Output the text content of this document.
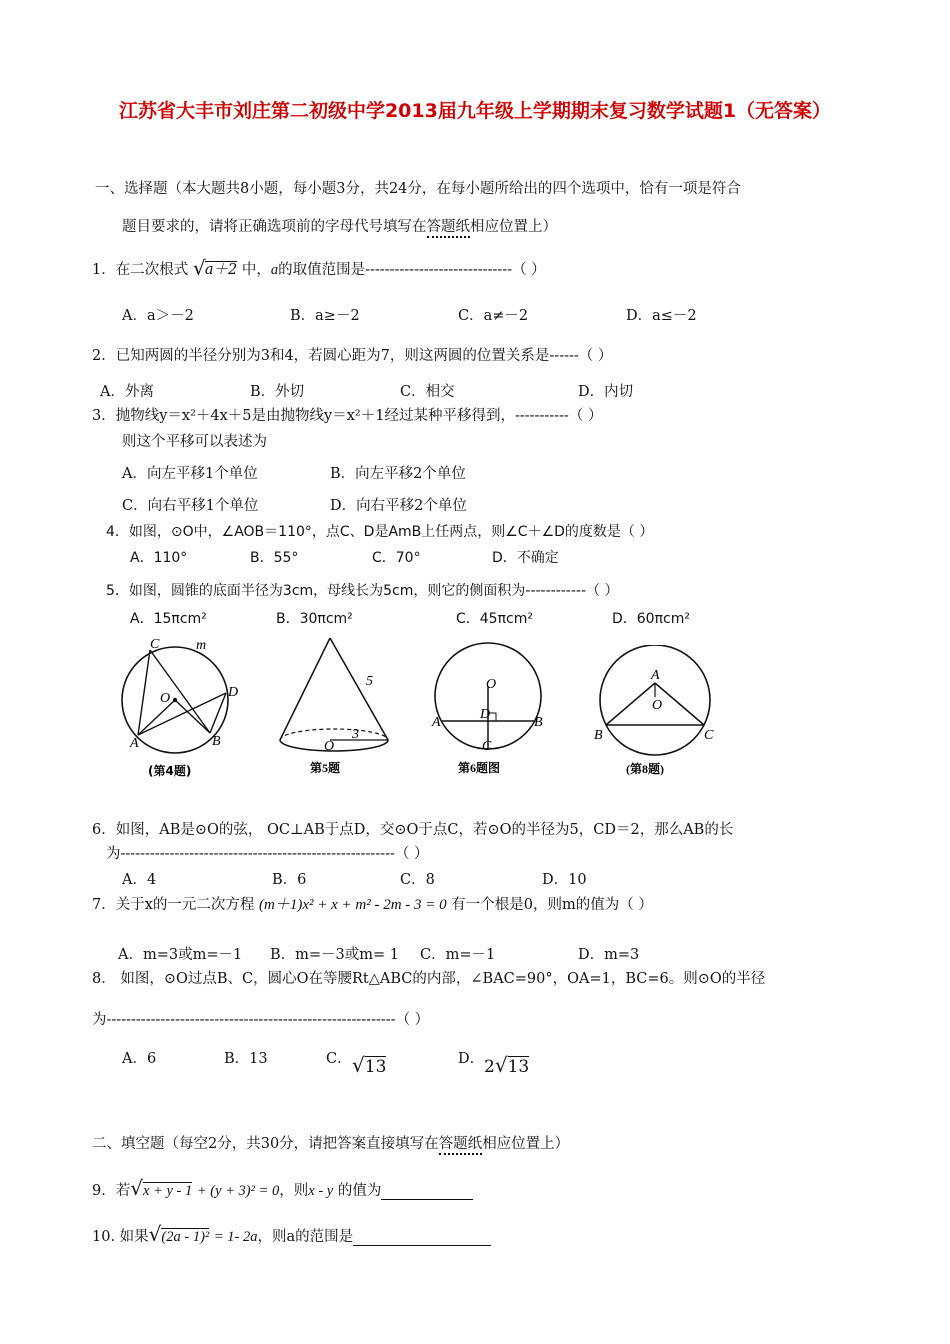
江苏省大丰市刘庄第二初级中学2013届九年级上学期期末复习数学试题1（无答案）
一、选择题（本大题共8小题，每小题3分，共24分，在每小题所给出的四个选项中，恰有一项是符合
题目要求的，请将正确选项前的字母代号填写在答题纸相应位置上）
1．在二次根式 √ a＋2 中，a的取值范围是------------------------------（ ）
A．a＞－2	B．a≥－2	C．a≠－2	D．a≤－2
2．已知两圆的半径分别为3和4，若圆心距为7，则这两圆的位置关系是------（ ）
A．外离	B．外切	C．相交	D．内切
3．抛物线y＝x²＋4x＋5是由抛物线y＝x²＋1经过某种平移得到，-----------（ ）
则这个平移可以表述为
A．向左平移1个单位	B．向左平移2个单位
C．向右平移1个单位	D．向右平移2个单位
4．如图，⊙O中，∠AOB＝110°，点C、D是AmB上任两点，则∠C＋∠D的度数是（ ）
A．110°	B．55°	C．70°	D．不确定
5．如图，圆锥的底面半径为3cm，母线长为5cm，则它的侧面积为------------（ ）
A．15πcm²	B．30πcm²	C．45πcm²	D．60πcm²
C	m
O	D
A	B
(第4题)
5
O
3
第5题
O
A
D
B
C
第6题图
A
O
B	C
(第8题)
6．如图，AB是⊙O的弦， OC⊥AB于点D，交⊙O于点C，若⊙O的半径为5，CD＝2，那么AB的长
为--------------------------------------------------------（ ）
A．4	B．6	C．8	D．10
7．关于x的一元二次方程 (m＋1)x² + x + m² - 2m - 3 = 0 有一个根是0，则m的值为（ ）
A．m=3或m=－1 B．m=－3或m= 1 C．m=－1	D．m=3
8． 如图，⊙O过点B、C，圆心O在等腰Rt△ABC的内部，∠BAC=90°，OA=1，BC=6。则⊙O的半径
为-----------------------------------------------------------（ ）
A．6	B．13	C． √13	D． 2√13
二、填空题（每空2分，共30分，请把答案直接填写在答题纸相应位置上）
9．若√x + y - 1 + (y + 3)² = 0，则x - y 的值为
10. 如果√(2a - 1)² = 1- 2a，则a的范围是
